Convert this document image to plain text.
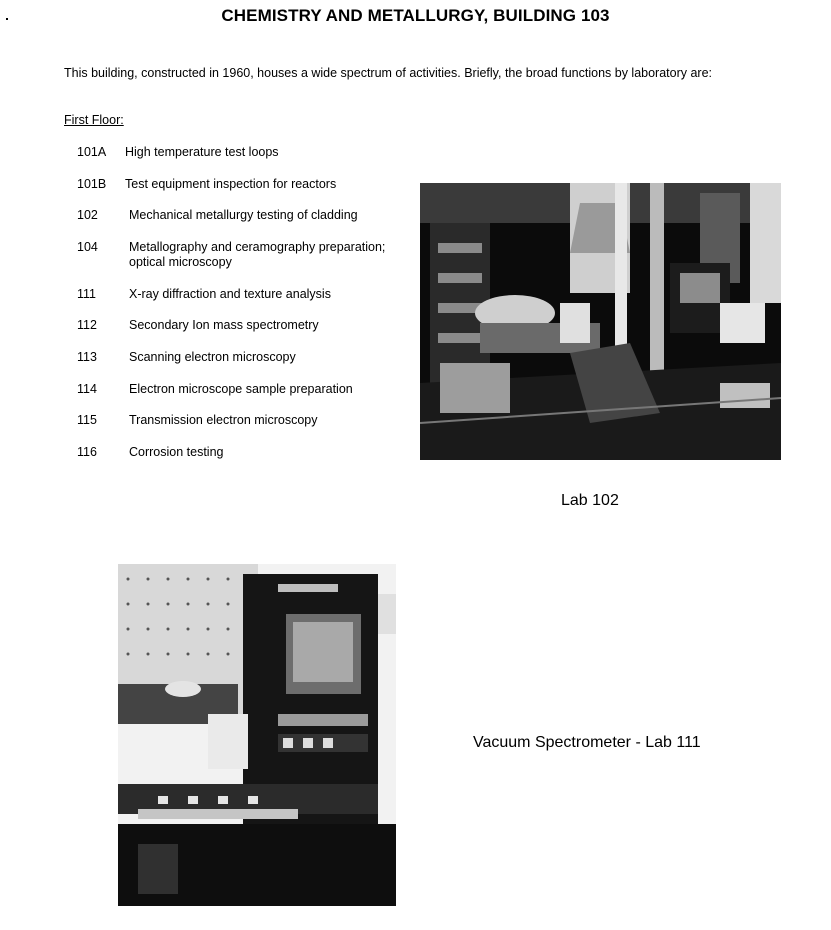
CHEMISTRY AND METALLURGY, BUILDING 103
This building, constructed in 1960, houses a wide spectrum of activities. Briefly, the broad functions by laboratory are:
First Floor:
101A High temperature test loops
101B Test equipment inspection for reactors
102 Mechanical metallurgy testing of cladding
104 Metallography and ceramography preparation; optical microscopy
111	X-ray diffraction and texture analysis
112	Secondary Ion mass spectrometry
113	Scanning electron microscopy
114	Electron microscope sample preparation
115	Transmission electron microscopy
116	Corrosion testing
Lab 102
Vacuum Spectrometer - Lab 111
